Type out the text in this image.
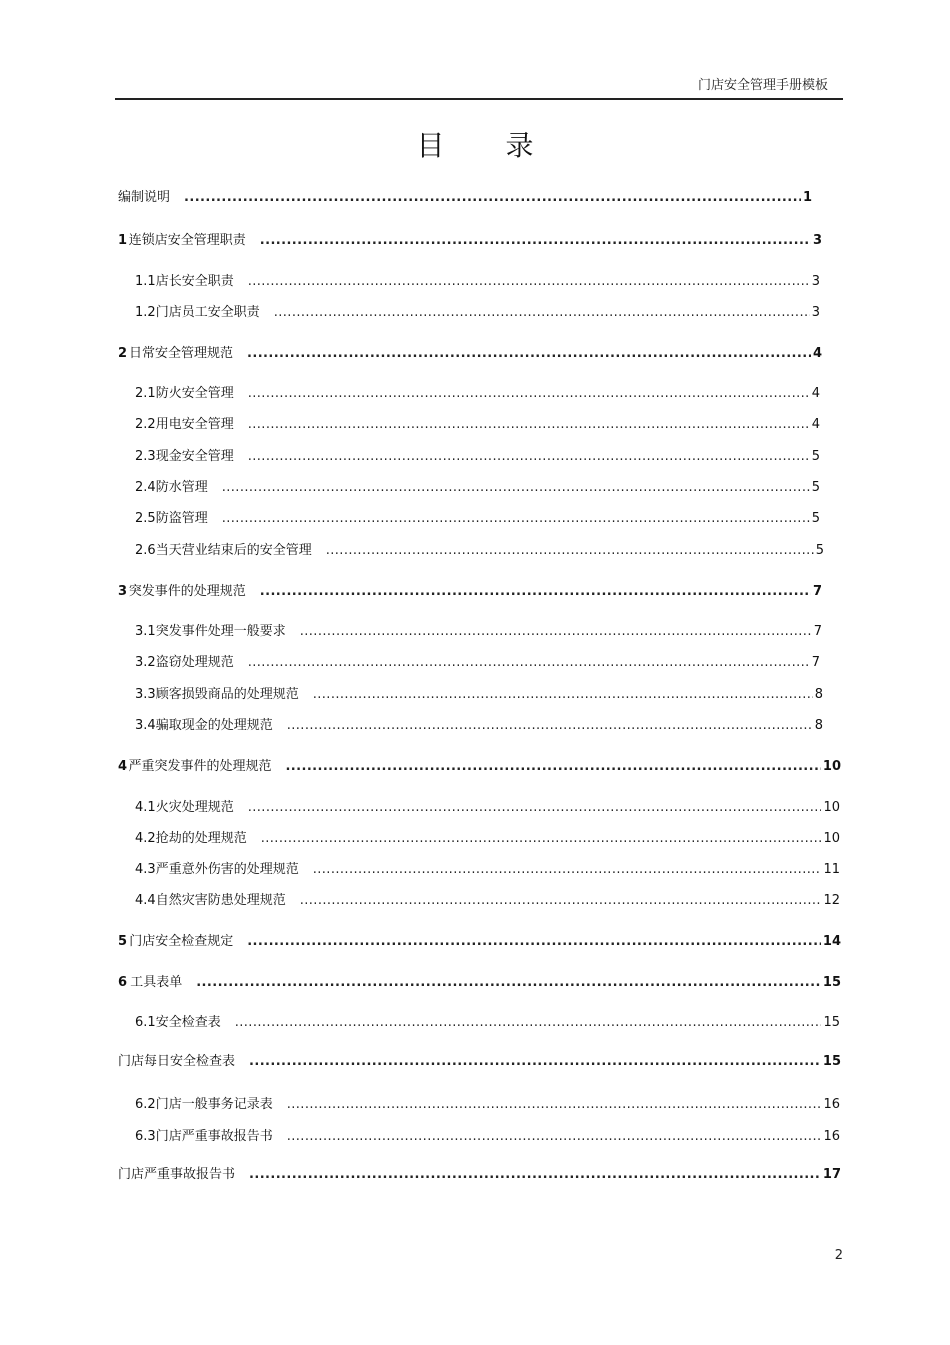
门店安全管理手册模板
目 录
编制说明 .....	1
1 连锁店安全管理职责 .....	3
1.1 店长安全职责 .....	3
1.2 门店员工安全职责 .....	3
2 日常安全管理规范 .....	4
2.1 防火安全管理 .....	4
2.2 用电安全管理 .....	4
2.3 现金安全管理 .....	5
2.4 防水管理 .....	5
2.5 防盗管理 .....	5
2.6 当天营业结束后的安全管理 .....	5
3 突发事件的处理规范 .....	7
3.1 突发事件处理一般要求 .....	7
3.2 盗窃处理规范 .....	7
3.3 顾客损毁商品的处理规范 .....	8
3.4 骗取现金的处理规范 .....	8
4 严重突发事件的处理规范 .....	10
4.1 火灾处理规范 .....	10
4.2 抢劫的处理规范 .....	10
4.3 严重意外伤害的处理规范 .....	11
4.4 自然灾害防患处理规范 .....	12
5 门店安全检查规定 .....	14
6 工具表单 .....	15
6.1 安全检查表 .....	15
门店每日安全检查表 .....	15
6.2 门店一般事务记录表 .....	16
6.3 门店严重事故报告书 .....	16
门店严重事故报告书 .....	17
2
